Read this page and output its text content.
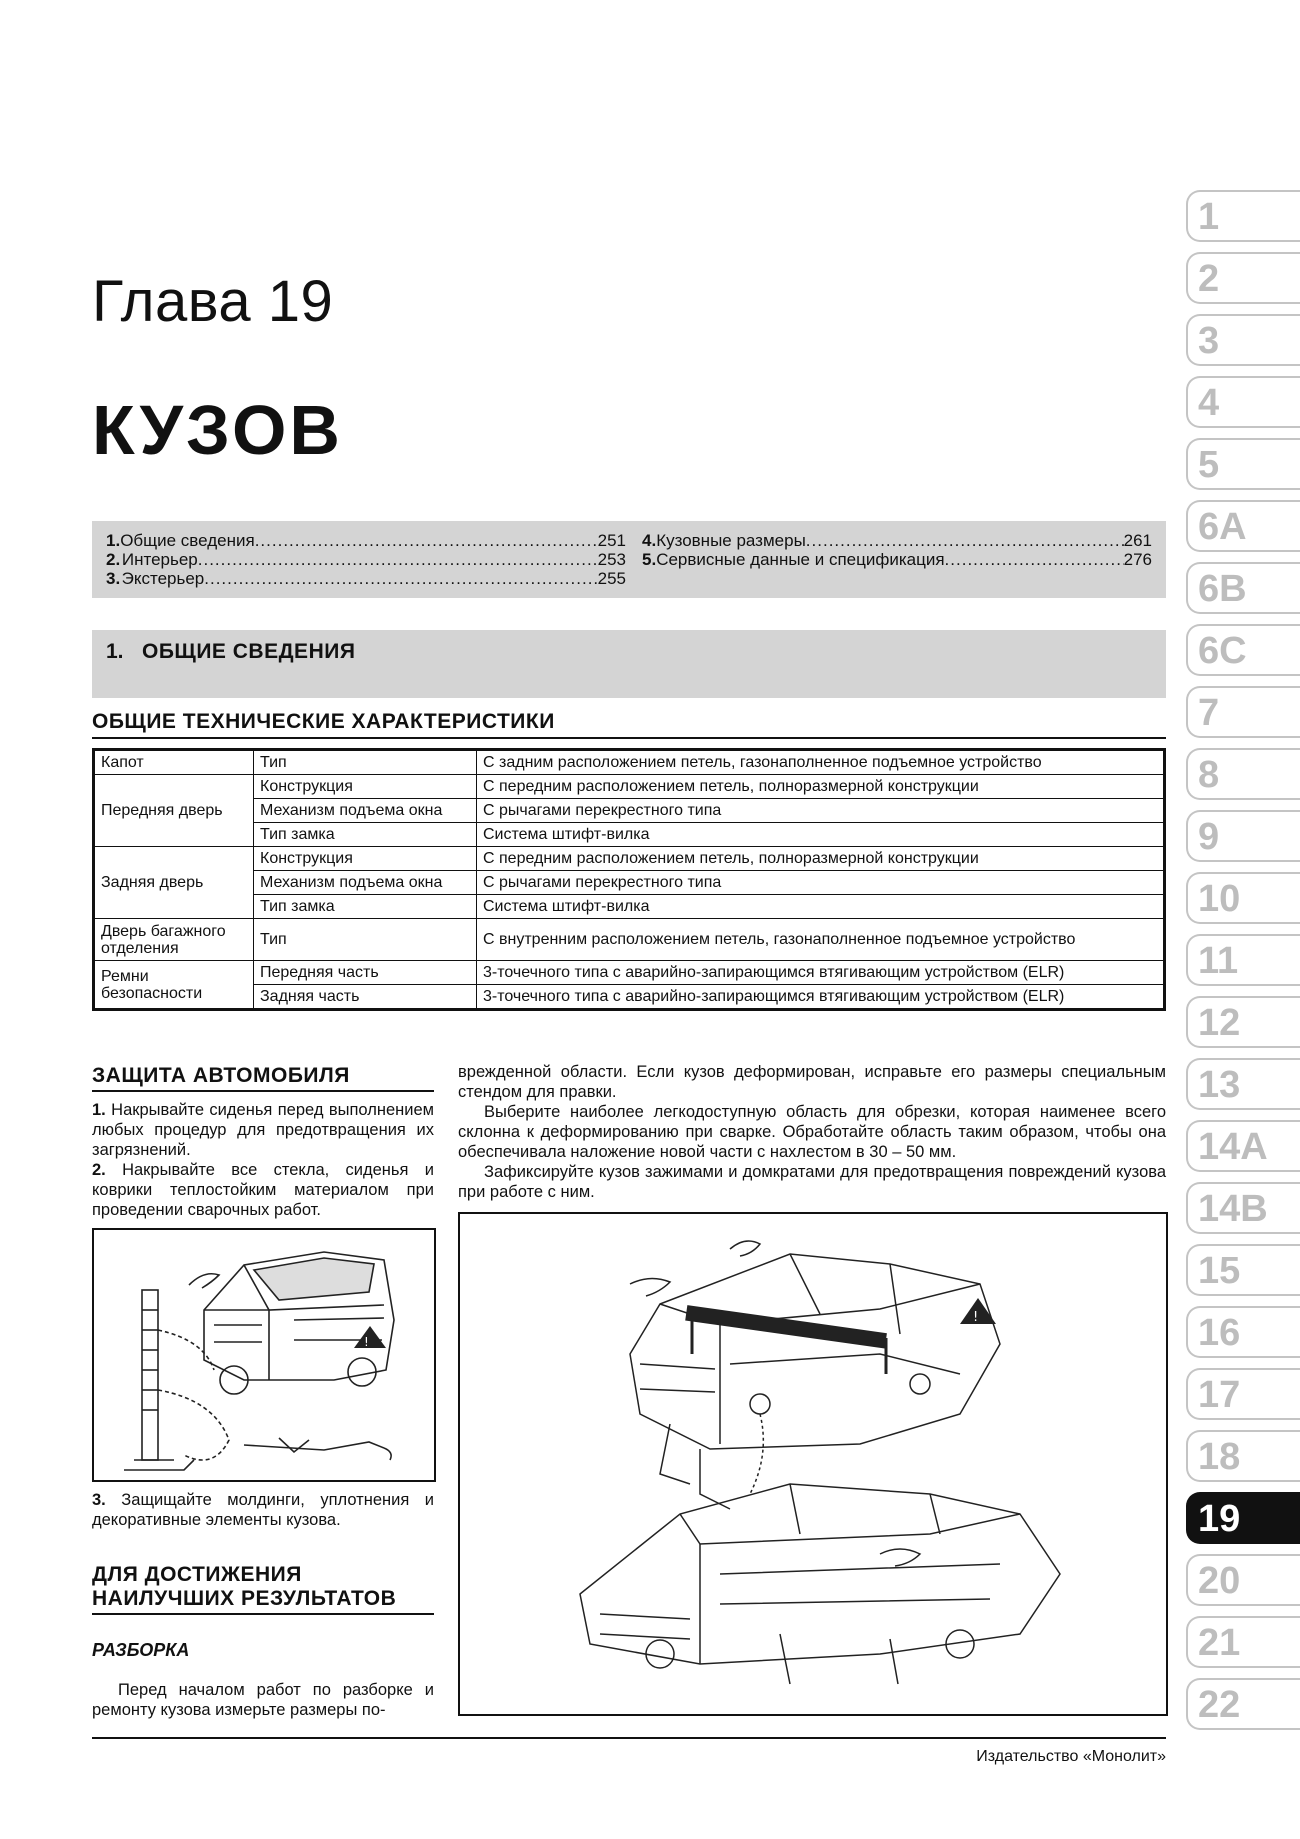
Глава 19
КУЗОВ
1. Общие сведения .....	251
2. Интерьер .....	253
3. Экстерьер .....	255
4. Кузовные размеры .....	261
5. Сервисные данные и спецификация .....	276
1. ОБЩИЕ СВЕДЕНИЯ
ОБЩИЕ ТЕХНИЧЕСКИЕ ХАРАКТЕРИСТИКИ
Капот	Тип	С задним расположением петель, газонаполненное подъемное устройство
Передняя дверь	Конструкция	С передним расположением петель, полноразмерной конструкции
	Механизм подъема окна	С рычагами перекрестного типа
	Тип замка	Система штифт-вилка
Задняя дверь	Конструкция	С передним расположением петель, полноразмерной конструкции
	Механизм подъема окна	С рычагами перекрестного типа
	Тип замка	Система штифт-вилка
Дверь багажного отделения	Тип	С внутренним расположением петель, газонаполненное подъемное устройство
Ремни безопасности	Передняя часть	3-точечного типа с аварийно-запирающимся втягивающим устройством (ELR)
	Задняя часть	3-точечного типа с аварийно-запирающимся втягивающим устройством (ELR)
ЗАЩИТА АВТОМОБИЛЯ
1. Накрывайте сиденья перед выполнением любых процедур для предотвращения их загрязнений.
2. Накрывайте все стекла, сиденья и коврики теплостойким материалом при проведении сварочных работ.
!
3. Защищайте молдинги, уплотнения и декоративные элементы кузова.
ДЛЯ ДОСТИЖЕНИЯ
НАИЛУЧШИХ РЕЗУЛЬТАТОВ
РАЗБОРКА
Перед началом работ по разборке и ремонту кузова измерьте размеры по-
врежденной области. Если кузов деформирован, исправьте его размеры специальным стендом для правки.
Выберите наиболее легкодоступную область для обрезки, которая наименее всего склонна к деформированию при сварке. Обработайте область таким образом, чтобы она обеспечивала наложение новой части с нахлестом в 30 – 50 мм.
Зафиксируйте кузов зажимами и домкратами для предотвращения повреждений кузова при работе с ним.
!
1
2
3
4
5
6A
6B
6C
7
8
9
10
11
12
13
14A
14B
15
16
17
18
19
20
21
22
Издательство «Монолит»
